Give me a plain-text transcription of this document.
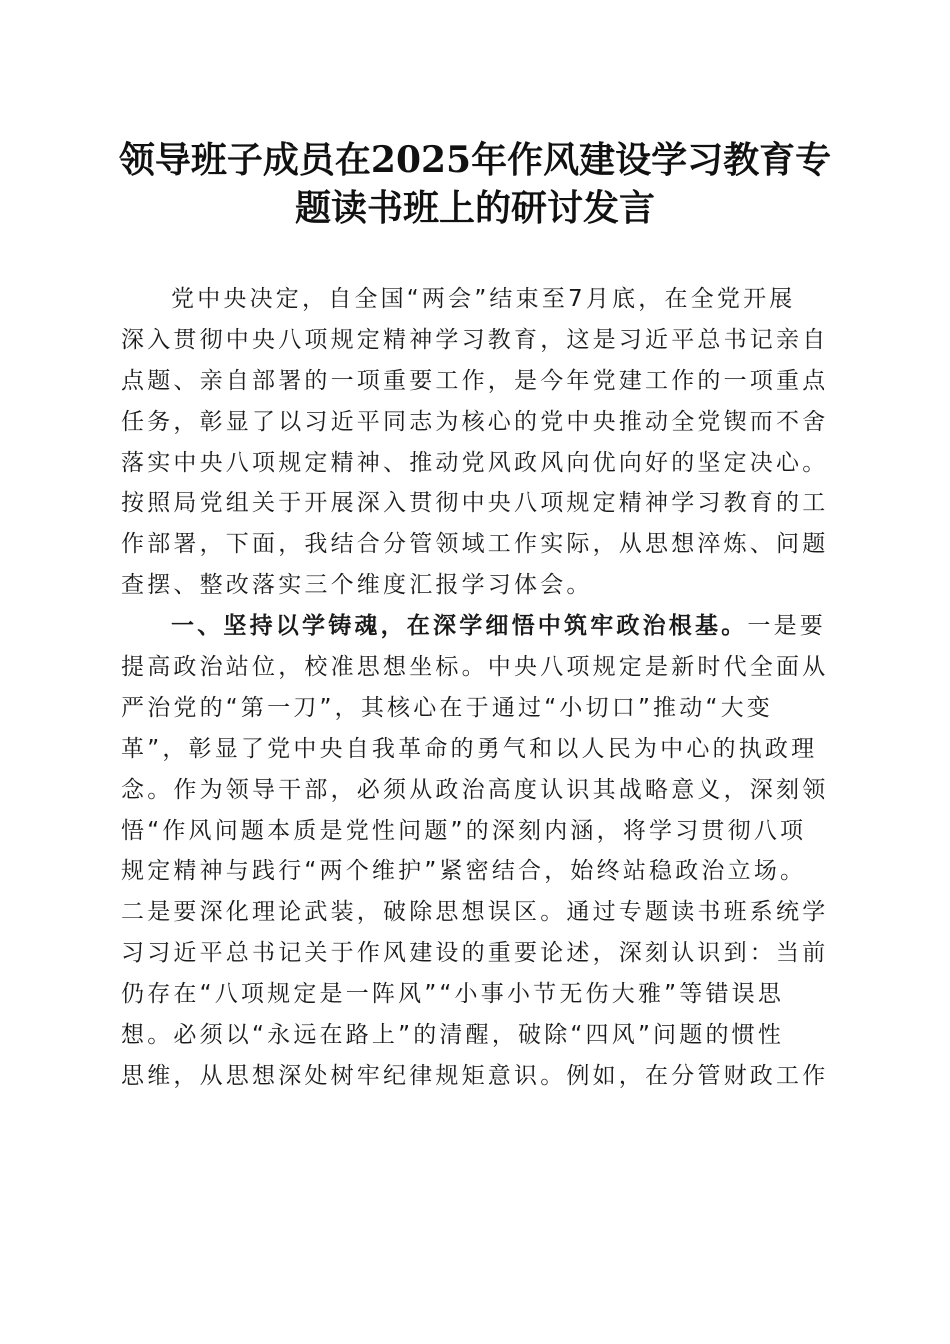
领导班子成员在2025年作风建设学习教育专
题读书班上的研讨发言
党中央决定，自全国“两会”结束至7月底，在全党开展
深入贯彻中央八项规定精神学习教育，这是习近平总书记亲自
点题、亲自部署的一项重要工作，是今年党建工作的一项重点
任务，彰显了以习近平同志为核心的党中央推动全党锲而不舍
落实中央八项规定精神、推动党风政风向优向好的坚定决心。
按照局党组关于开展深入贯彻中央八项规定精神学习教育的工
作部署，下面，我结合分管领域工作实际，从思想淬炼、问题
查摆、整改落实三个维度汇报学习体会。
一、坚持以学铸魂，在深学细悟中筑牢政治根基。一是要
提高政治站位，校准思想坐标。中央八项规定是新时代全面从
严治党的“第一刀”，其核心在于通过“小切口”推动“大变
革”，彰显了党中央自我革命的勇气和以人民为中心的执政理
念。作为领导干部，必须从政治高度认识其战略意义，深刻领
悟“作风问题本质是党性问题”的深刻内涵，将学习贯彻八项
规定精神与践行“两个维护”紧密结合，始终站稳政治立场。
二是要深化理论武装，破除思想误区。通过专题读书班系统学
习习近平总书记关于作风建设的重要论述，深刻认识到：当前
仍存在“八项规定是一阵风”“小事小节无伤大雅”等错误思
想。必须以“永远在路上”的清醒，破除“四风”问题的惯性
思维，从思想深处树牢纪律规矩意识。例如，在分管财政工作
